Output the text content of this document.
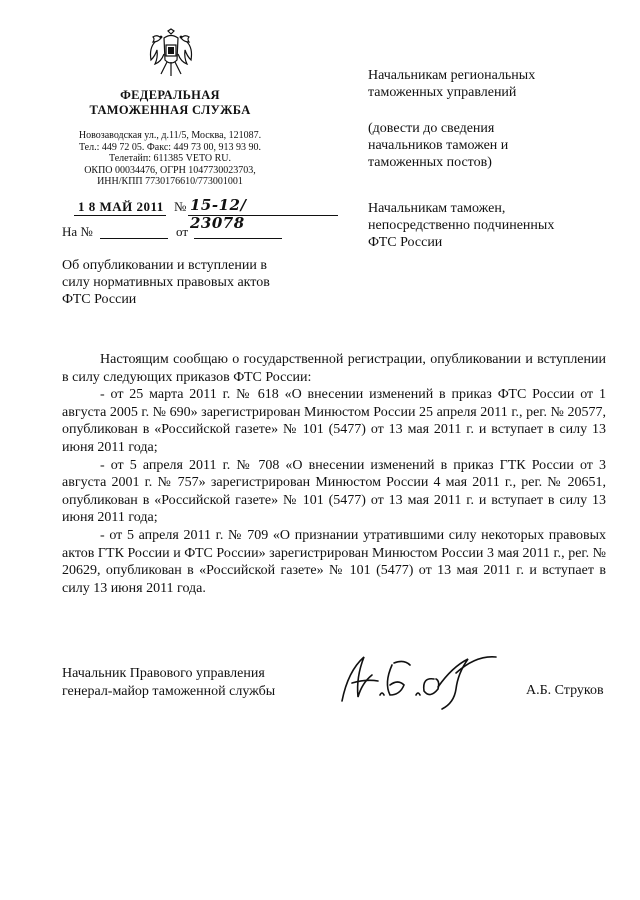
ФЕДЕРАЛЬНАЯ
ТАМОЖЕННАЯ СЛУЖБА
Новозаводская ул., д.11/5, Москва, 121087.
Тел.: 449 72 05. Факс: 449 73 00, 913 93 90.
Телетайп: 611385 VETO RU.
ОКПО 00034476, ОГРН 1047730023703,
ИНН/КПП 7730176610/773001001
1 8 МАЙ 2011 № 15-12/ 23078
На №	от
Об опубликовании и вступлении в
силу нормативных правовых актов
ФТС России
Начальникам региональных
таможенных управлений
(довести до сведения
начальников таможен и
таможенных постов)
Начальникам таможен,
непосредственно подчиненных
ФТС России

Настоящим сообщаю о государственной регистрации, опубликовании и вступлении в силу следующих приказов ФТС России:

- от 25 марта 2011 г. № 618 «О внесении изменений в приказ ФТС России от 1 августа 2005 г. № 690» зарегистрирован Минюстом России 25 апреля 2011 г., рег. № 20577, опубликован в «Российской газете» № 101 (5477) от 13 мая 2011 г. и вступает в силу 13 июня 2011 года;

- от 5 апреля 2011 г. № 708 «О внесении изменений в приказ ГТК России от 3 августа 2001 г. № 757» зарегистрирован Минюстом России 4 мая 2011 г., рег. № 20651, опубликован в «Российской газете» № 101 (5477) от 13 мая 2011 г. и вступает в силу 13 июня 2011 года;

- от 5 апреля 2011 г. № 709 «О признании утратившими силу некоторых правовых актов ГТК России и ФТС России» зарегистрирован Минюстом России 3 мая 2011 г., рег. № 20629, опубликован в «Российской газете» № 101 (5477) от 13 мая 2011 г. и вступает в силу 13 июня 2011 года.

Начальник Правового управления
генерал-майор таможенной службы	А.Б. Струков
